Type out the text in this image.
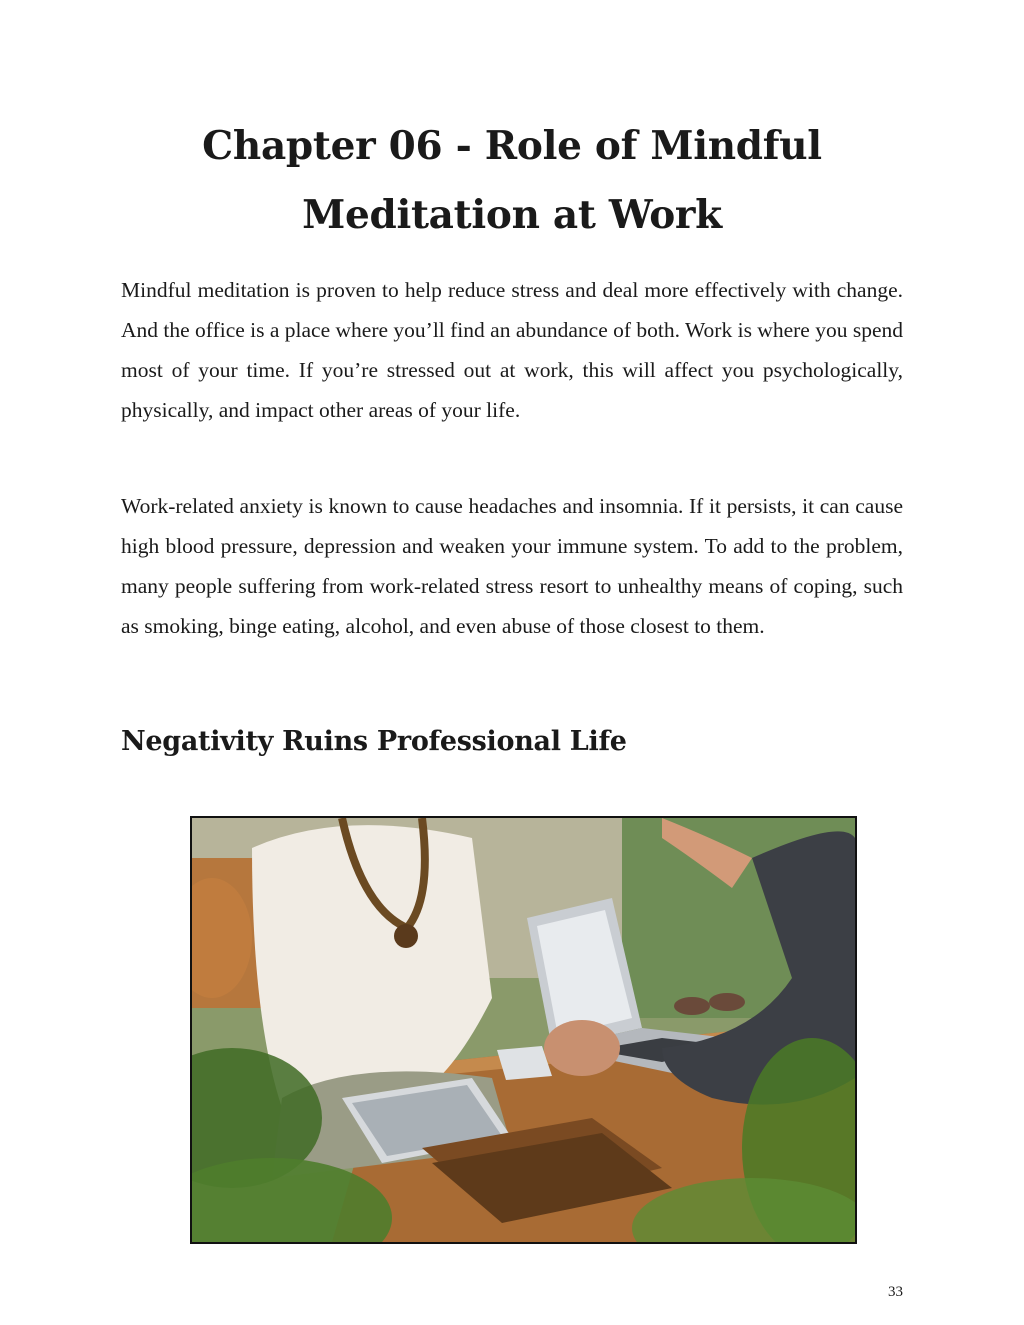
Chapter 06 - Role of Mindful
Meditation at Work

Mindful meditation is proven to help reduce stress and deal more effectively with change. And the office is a place where you’ll find an abundance of both. Work is where you spend most of your time. If you’re stressed out at work, this will affect you psychologically, physically, and impact other areas of your life.

Work-related anxiety is known to cause headaches and insomnia. If it persists, it can cause high blood pressure, depression and weaken your immune system. To add to the problem, many people suffering from work-related stress resort to unhealthy means of coping, such as smoking, binge eating, alcohol, and even abuse of those closest to them.

Negativity Ruins Professional Life

33
